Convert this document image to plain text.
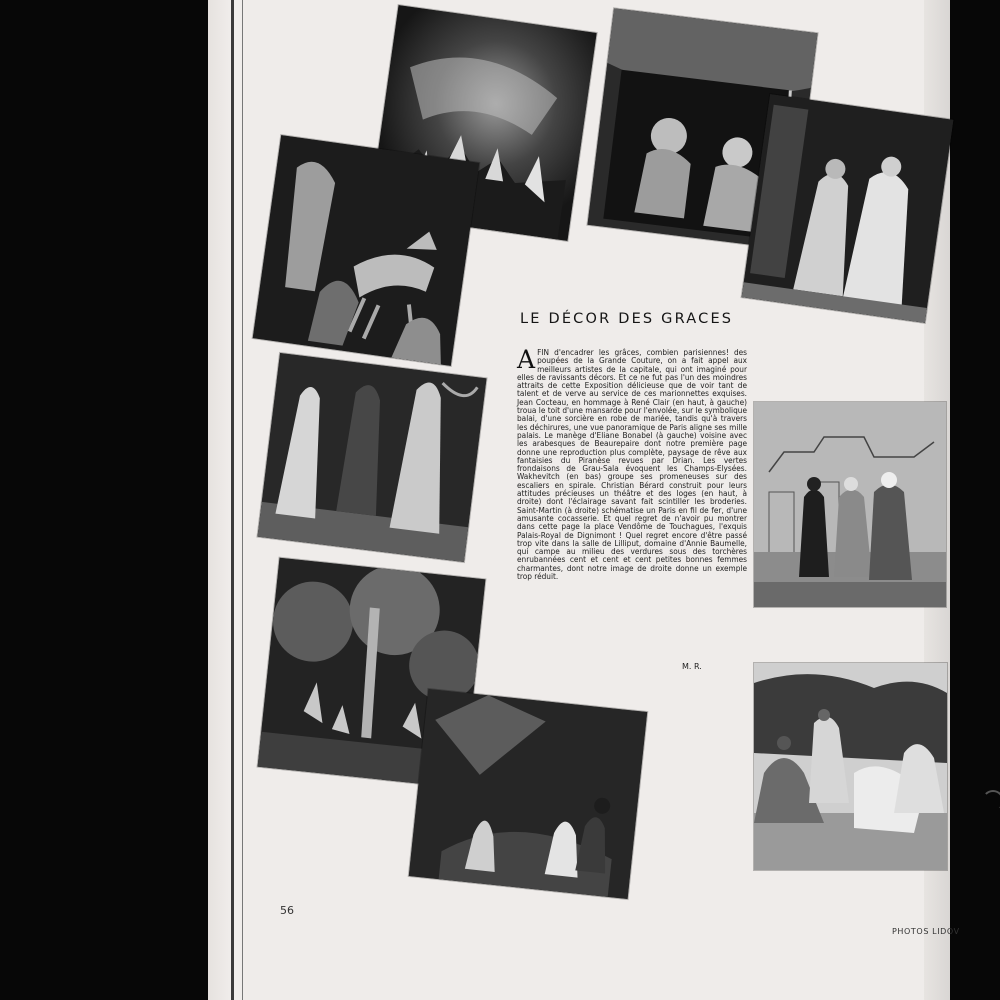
LE DÉCOR DES GRACES
AFIN d'encadrer les grâces, combien parisiennes! des poupées de la Grande Couture, on a fait appel aux meilleurs artistes de la capitale, qui ont imaginé pour elles de ravissants décors. Et ce ne fut pas l'un des moindres attraits de cette Exposition délicieuse que de voir tant de talent et de verve au service de ces marionnettes exquises. Jean Cocteau, en hommage à René Clair (en haut, à gauche) troua le toit d'une mansarde pour l'envolée, sur le symbolique balai, d'une sorcière en robe de mariée, tandis qu'à travers les déchirures, une vue panoramique de Paris aligne ses mille palais. Le manège d'Eliane Bonabel (à gauche) voisine avec les arabesques de Beaurepaire dont notre première page donne une reproduction plus complète, paysage de rêve aux fantaisies du Piranèse revues par Drian. Les vertes frondaisons de Grau-Sala évoquent les Champs-Elysées. Wakhevitch (en bas) groupe ses promeneuses sur des escaliers en spirale. Christian Bérard construit pour leurs attitudes précieuses un théâtre et des loges (en haut, à droite) dont l'éclairage savant fait scintiller les broderies. Saint-Martin (à droite) schématise un Paris en fil de fer, d'une amusante cocasserie. Et quel regret de n'avoir pu montrer dans cette page la place Vendôme de Touchagues, l'exquis Palais-Royal de Dignimont ! Quel regret encore d'être passé trop vite dans la salle de Lilliput, domaine d'Annie Baumelle, qui campe au milieu des verdures sous des torchères enrubannées cent et cent et cent petites bonnes femmes charmantes, dont notre image de droite donne un exemple trop réduit.
M. R.
56
PHOTOS LIDOV
